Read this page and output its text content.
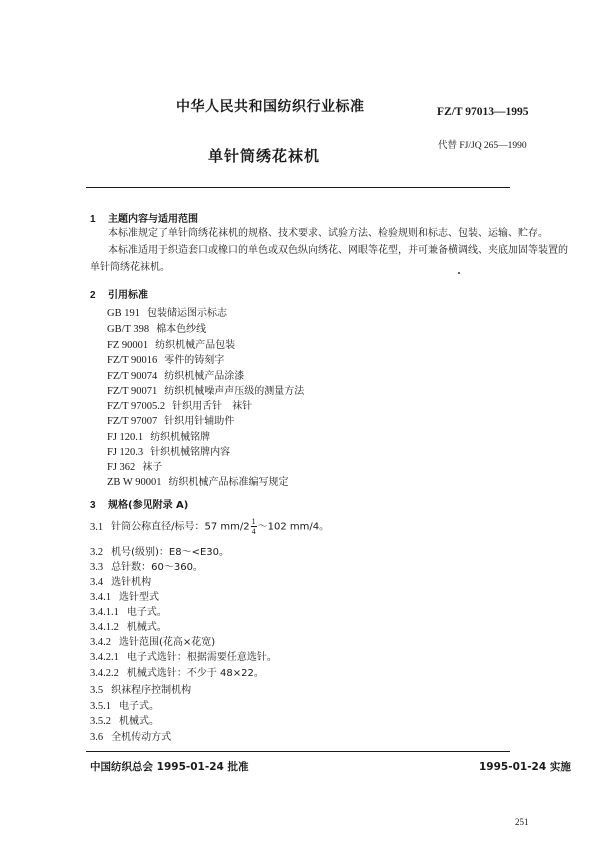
中华人民共和国纺织行业标准	FZ/T 97013—1995
代替 FJ/JQ 265—1990
单针筒绣花袜机
1 主题内容与适用范围
本标准规定了单针筒绣花袜机的规格、技术要求、试验方法、检验规则和标志、包装、运输、贮存。
本标准适用于织造套口或橡口的单色或双色纵向绣花、网眼等花型，并可兼备横调线、夹底加固等装置的单针筒绣花袜机。
2 引用标准
GB 191 包装储运图示标志
GB/T 398 棉本色纱线
FZ 90001 纺织机械产品包装
FZ/T 90016 零件的铸刻字
FZ/T 90074 纺织机械产品涂漆
FZ/T 90071 纺织机械噪声声压级的测量方法
FZ/T 97005.2 针织用舌针　袜针
FZ/T 97007 针织用针辅助件
FJ 120.1 纺织机械铭牌
FJ 120.3 针织机械铭牌内容
FJ 362 袜子
ZB W 90001 纺织机械产品标准编写规定
3 规格(参见附录 A)
3.1 针筒公称直径/标号：57 $mm/2 \frac{1}{4}$ ～102 mm/4。
3.2 机号(级别)：E8～<E30。
3.3 总针数：60～360。
3.4 选针机构
3.4.1 选针型式
3.4.1.1 电子式。
3.4.1.2 机械式。
3.4.2 选针范围(花高×花宽)
3.4.2.1 电子式选针：根据需要任意选针。
3.4.2.2 机械式选针：不少于 48×22。
3.5 织袜程序控制机构
3.5.1 电子式。
3.5.2 机械式。
3.6 全机传动方式
中国纺织总会 1995-01-24 批准	1995-01-24 实施
251
